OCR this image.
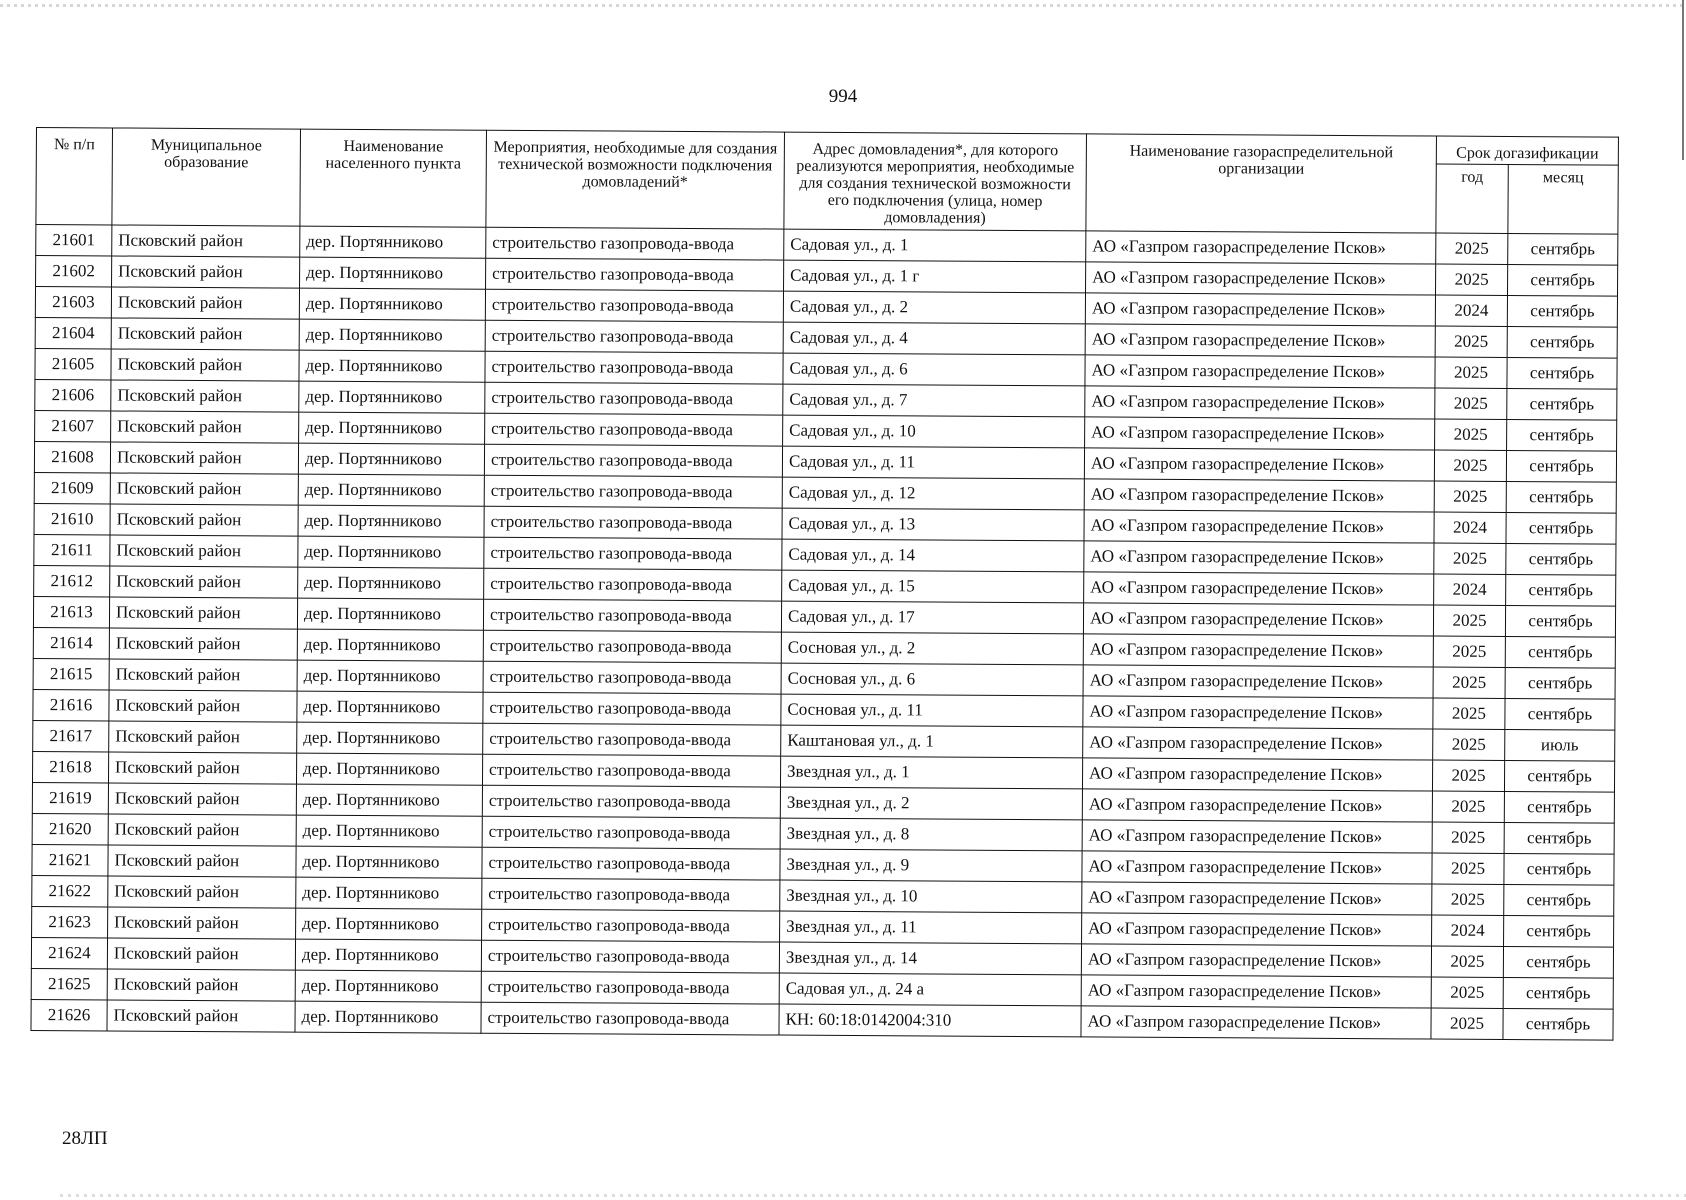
994
№ п/п	Муниципальное образование	Наименование населенного пункта	Мероприятия, необходимые для создания технической возможности подключения домовладений*	Адрес домовладения*, для которого реализуются мероприятия, необходимые для создания технической возможности его подключения (улица, номер домовладения)	Наименование газораспределительной организации	Срок догазификации	
						год	месяц
21601	Псковский район	дер. Портянниково	строительство газопровода-ввода	Садовая ул., д. 1	АО «Газпром газораспределение Псков»	2025	сентябрь
21602	Псковский район	дер. Портянниково	строительство газопровода-ввода	Садовая ул., д. 1 г	АО «Газпром газораспределение Псков»	2025	сентябрь
21603	Псковский район	дер. Портянниково	строительство газопровода-ввода	Садовая ул., д. 2	АО «Газпром газораспределение Псков»	2024	сентябрь
21604	Псковский район	дер. Портянниково	строительство газопровода-ввода	Садовая ул., д. 4	АО «Газпром газораспределение Псков»	2025	сентябрь
21605	Псковский район	дер. Портянниково	строительство газопровода-ввода	Садовая ул., д. 6	АО «Газпром газораспределение Псков»	2025	сентябрь
21606	Псковский район	дер. Портянниково	строительство газопровода-ввода	Садовая ул., д. 7	АО «Газпром газораспределение Псков»	2025	сентябрь
21607	Псковский район	дер. Портянниково	строительство газопровода-ввода	Садовая ул., д. 10	АО «Газпром газораспределение Псков»	2025	сентябрь
21608	Псковский район	дер. Портянниково	строительство газопровода-ввода	Садовая ул., д. 11	АО «Газпром газораспределение Псков»	2025	сентябрь
21609	Псковский район	дер. Портянниково	строительство газопровода-ввода	Садовая ул., д. 12	АО «Газпром газораспределение Псков»	2025	сентябрь
21610	Псковский район	дер. Портянниково	строительство газопровода-ввода	Садовая ул., д. 13	АО «Газпром газораспределение Псков»	2024	сентябрь
21611	Псковский район	дер. Портянниково	строительство газопровода-ввода	Садовая ул., д. 14	АО «Газпром газораспределение Псков»	2025	сентябрь
21612	Псковский район	дер. Портянниково	строительство газопровода-ввода	Садовая ул., д. 15	АО «Газпром газораспределение Псков»	2024	сентябрь
21613	Псковский район	дер. Портянниково	строительство газопровода-ввода	Садовая ул., д. 17	АО «Газпром газораспределение Псков»	2025	сентябрь
21614	Псковский район	дер. Портянниково	строительство газопровода-ввода	Сосновая ул., д. 2	АО «Газпром газораспределение Псков»	2025	сентябрь
21615	Псковский район	дер. Портянниково	строительство газопровода-ввода	Сосновая ул., д. 6	АО «Газпром газораспределение Псков»	2025	сентябрь
21616	Псковский район	дер. Портянниково	строительство газопровода-ввода	Сосновая ул., д. 11	АО «Газпром газораспределение Псков»	2025	сентябрь
21617	Псковский район	дер. Портянниково	строительство газопровода-ввода	Каштановая ул., д. 1	АО «Газпром газораспределение Псков»	2025	июль
21618	Псковский район	дер. Портянниково	строительство газопровода-ввода	Звездная ул., д. 1	АО «Газпром газораспределение Псков»	2025	сентябрь
21619	Псковский район	дер. Портянниково	строительство газопровода-ввода	Звездная ул., д. 2	АО «Газпром газораспределение Псков»	2025	сентябрь
21620	Псковский район	дер. Портянниково	строительство газопровода-ввода	Звездная ул., д. 8	АО «Газпром газораспределение Псков»	2025	сентябрь
21621	Псковский район	дер. Портянниково	строительство газопровода-ввода	Звездная ул., д. 9	АО «Газпром газораспределение Псков»	2025	сентябрь
21622	Псковский район	дер. Портянниково	строительство газопровода-ввода	Звездная ул., д. 10	АО «Газпром газораспределение Псков»	2025	сентябрь
21623	Псковский район	дер. Портянниково	строительство газопровода-ввода	Звездная ул., д. 11	АО «Газпром газораспределение Псков»	2024	сентябрь
21624	Псковский район	дер. Портянниково	строительство газопровода-ввода	Звездная ул., д. 14	АО «Газпром газораспределение Псков»	2025	сентябрь
21625	Псковский район	дер. Портянниково	строительство газопровода-ввода	Садовая ул., д. 24 а	АО «Газпром газораспределение Псков»	2025	сентябрь
21626	Псковский район	дер. Портянниково	строительство газопровода-ввода	КН: 60:18:0142004:310	АО «Газпром газораспределение Псков»	2025	сентябрь
28ЛП
